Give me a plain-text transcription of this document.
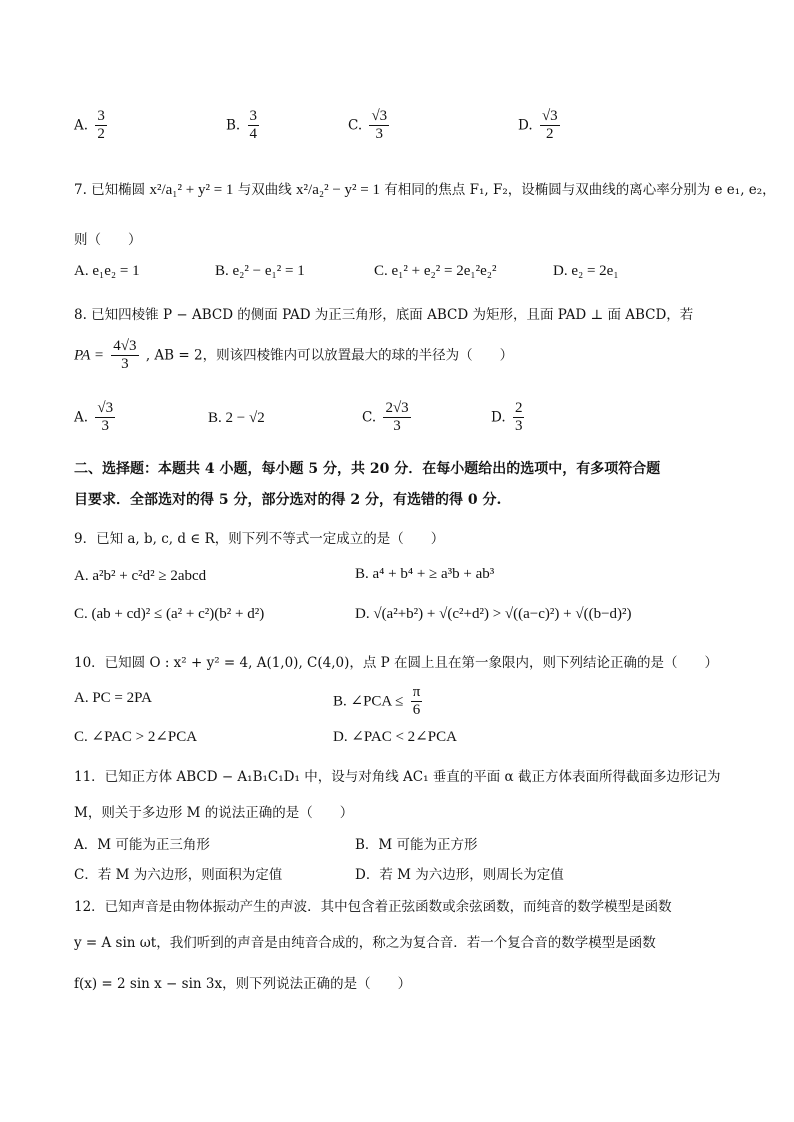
A. $\frac{3}{2}$	B. $\frac{3}{4}$	C. $\frac{√3}{3}$	D. $\frac{√3}{2}$
7. 已知椭圆 x²/a₁² + y² = 1 与双曲线 x²/a₂² − y² = 1 有相同的焦点 F₁, F₂，设椭圆与双曲线的离心率分别为 e e₁, e₂，
则（　　）
A. e₁e₂ = 1	B. e₂² − e₁² = 1	C. e₁² + e₂² = 2e₁²e₂²	D. e₂ = 2e₁
8. 已知四棱锥 P − ABCD 的侧面 PAD 为正三角形，底面 ABCD 为矩形，且面 PAD ⊥ 面 ABCD，若
PA = $\frac{4√3}{3}$ , AB = 2，则该四棱锥内可以放置最大的球的半径为（　　）
A. $\frac{√3}{3}$	B. 2 − √2	C. $\frac{2√3}{3}$	D. $\frac{2}{3}$
二、选择题：本题共 4 小题，每小题 5 分，共 20 分．在每小题给出的选项中，有多项符合题
目要求．全部选对的得 5 分，部分选对的得 2 分，有选错的得 0 分.
9．已知 a, b, c, d ∈ R，则下列不等式一定成立的是（　　）
A. a²b² + c²d² ≥ 2abcd	B. a⁴ + b⁴ + ≥ a³b + ab³
C. (ab + cd)² ≤ (a² + c²)(b² + d²)	D. √(a²+b²) + √(c²+d²) > √((a−c)²) + √((b−d)²)
10．已知圆 O : x² + y² = 4, A(1,0), C(4,0)，点 P 在圆上且在第一象限内，则下列结论正确的是（　　）
A. PC = 2PA	B. ∠PCA ≤ $\frac{\pi}{6}$
C. ∠PAC > 2∠PCA	D. ∠PAC < 2∠PCA
11．已知正方体 ABCD − A₁B₁C₁D₁ 中，设与对角线 AC₁ 垂直的平面 α 截正方体表面所得截面多边形记为
M，则关于多边形 M 的说法正确的是（　　）
A．M 可能为正三角形	B．M 可能为正方形
C．若 M 为六边形，则面积为定值	D．若 M 为六边形，则周长为定值
12．已知声音是由物体振动产生的声波．其中包含着正弦函数或余弦函数，而纯音的数学模型是函数
y = A sin ωt，我们听到的声音是由纯音合成的，称之为复合音．若一个复合音的数学模型是函数
f(x) = 2 sin x − sin 3x，则下列说法正确的是（　　）
